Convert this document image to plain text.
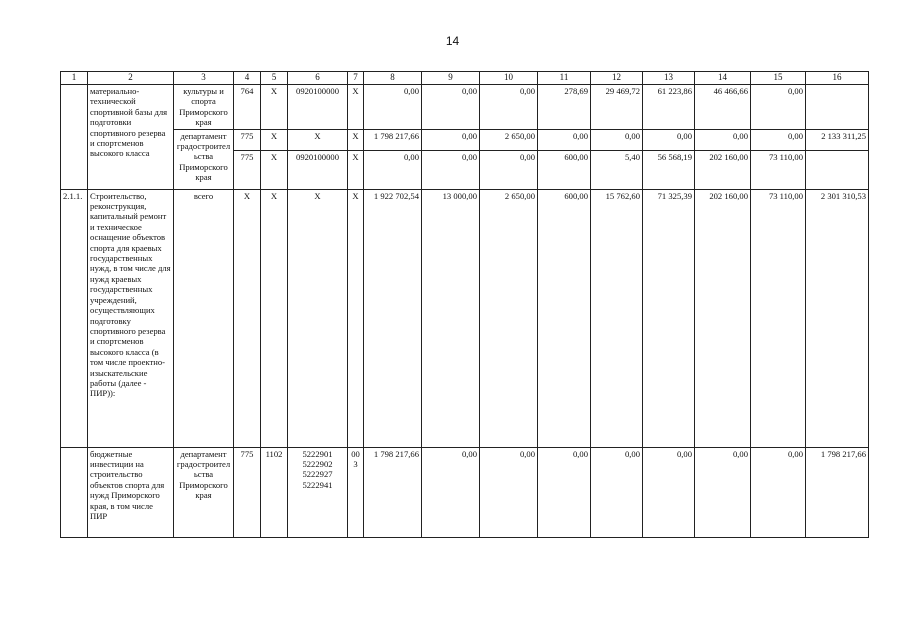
14
1	2	3	4	5	6	7	8	9	10	11	12	13	14	15	16
	материально-технической спортивной базы для подготовки спортивного резерва и спортсменов высокого класса	культуры и спорта Приморского края	764	X	0920100000	X	0,00	0,00	0,00	278,69	29 469,72	61 223,86	46 466,66	0,00	
		департамент градостроительства Приморского края	775	X	X	X	1 798 217,66	0,00	2 650,00	0,00	0,00	0,00	0,00	0,00	2 133 311,25
			775	X	0920100000	X	0,00	0,00	0,00	600,00	5,40	56 568,19	202 160,00	73 110,00	
2.1.1.	Строительство, реконструкция, капитальный ремонт и техническое оснащение объектов спорта для краевых государственных нужд, в том числе для нужд краевых государственных учреждений, осуществляющих подготовку спортивного резерва и спортсменов высокого класса (в том числе проектно-изыскательские работы (далее - ПИР)):	всего	X	X	X	X	1 922 702,54	13 000,00	2 650,00	600,00	15 762,60	71 325,39	202 160,00	73 110,00	2 301 310,53
	бюджетные инвестиции на строительство объектов спорта для нужд Приморского края, в том числе ПИР	департамент градостроительства Приморского края	775	1102	5222901
5222902
5222927
5222941	003	1 798 217,66	0,00	0,00	0,00	0,00	0,00	0,00	0,00	1 798 217,66
